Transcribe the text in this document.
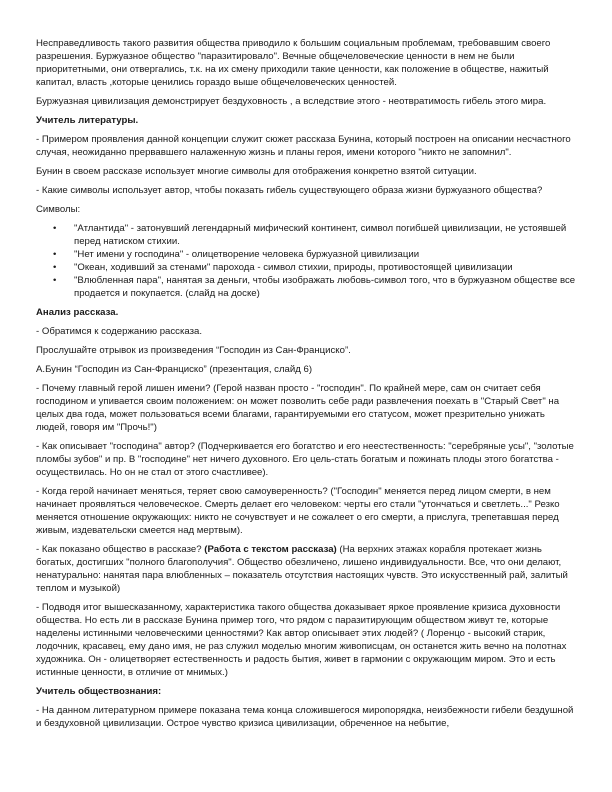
Несправедливость такого развития общества приводило к большим социальным проблемам, требовавшим своего разрешения. Буржуазное общество "паразитировало". Вечные общечеловеческие ценности в нем не были приоритетными, они отвергались, т.к. на их смену приходили такие ценности, как положение в обществе, нажитый капитал, власть ,которые ценились гораздо выше общечеловеческих ценностей.

Буржуазная цивилизация демонстрирует бездуховность , а вследствие этого - неотвратимость гибель этого мира.

Учитель литературы.

- Примером проявления данной концепции служит сюжет рассказа Бунина, который построен на описании несчастного случая, неожиданно прервавшего налаженную жизнь и планы героя, имени которого "никто не запомнил".

Бунин в своем рассказе использует многие символы для отображения конкретно взятой ситуации.

- Какие символы использует автор, чтобы показать гибель существующего образа жизни буржуазного общества?

Символы:

• "Атлантида" - затонувший легендарный мифический континент, символ погибшей цивилизации, не устоявшей перед натиском стихии.
• "Нет имени у господина" - олицетворение человека буржуазной цивилизации
• "Океан, ходивший за стенами" парохода - символ стихии, природы, противостоящей цивилизации
• "Влюбленная пара", нанятая за деньги, чтобы изображать любовь-символ того, что в буржуазном обществе все продается и покупается. (слайд на доске)

Анализ рассказа.

- Обратимся к содержанию рассказа.

Прослушайте отрывок из произведения “Господин из Сан-Франциско”.

А.Бунин “Господин из Сан-Франциско” (презентация, слайд 6)

- Почему главный герой лишен имени? (Герой назван просто - "господин". По крайней мере, сам он считает себя господином и упивается своим положением: он может позволить себе ради развлечения поехать в "Старый Свет" на целых два года, может пользоваться всеми благами, гарантируемыми его статусом, может презрительно унижать людей, говоря им "Прочь!")

- Как описывает "господина" автор? (Подчеркивается его богатство и его неестественность: "серебряные усы", "золотые пломбы зубов" и пр. В "господине" нет ничего духовного. Его цель-стать богатым и пожинать плоды этого богатства - осуществилась. Но он не стал от этого счастливее).

- Когда герой начинает меняться, теряет свою самоуверенность? ("Господин" меняется перед лицом смерти, в нем начинает проявляться человеческое. Смерть делает его человеком: черты его стали "утончаться и светлеть..." Резко меняется отношение окружающих: никто не сочувствует и не сожалеет о его смерти, а прислуга, трепетавшая перед живым, издевательски смеется над мертвым).

- Как показано общество в рассказе? (Работа с текстом рассказа) (На верхних этажах корабля протекает жизнь богатых, достигших "полного благополучия". Общество обезличено, лишено индивидуальности. Все, что они делают, ненатурально: нанятая пара влюбленных – показатель отсутствия настоящих чувств. Это искусственный рай, залитый теплом и музыкой)

- Подводя итог вышесказанному, характеристика такого общества доказывает яркое проявление кризиса духовности общества. Но есть ли в рассказе Бунина пример того, что рядом с паразитирующим обществом живут те, которые наделены истинными человеческими ценностями? Как автор описывает этих людей? ( Лоренцо - высокий старик, лодочник, красавец, ему дано имя, не раз служил моделью многим живописцам, он останется жить вечно на полотнах художника. Он - олицетворяет естественность и радость бытия, живет в гармонии с окружающим миром. Это и есть истинные ценности, в отличие от мнимых.)

Учитель обществознания:

- На данном литературном примере показана тема конца сложившегося миропорядка, неизбежности гибели бездушной и бездуховной цивилизации. Острое чувство кризиса цивилизации, обреченное на небытие,
